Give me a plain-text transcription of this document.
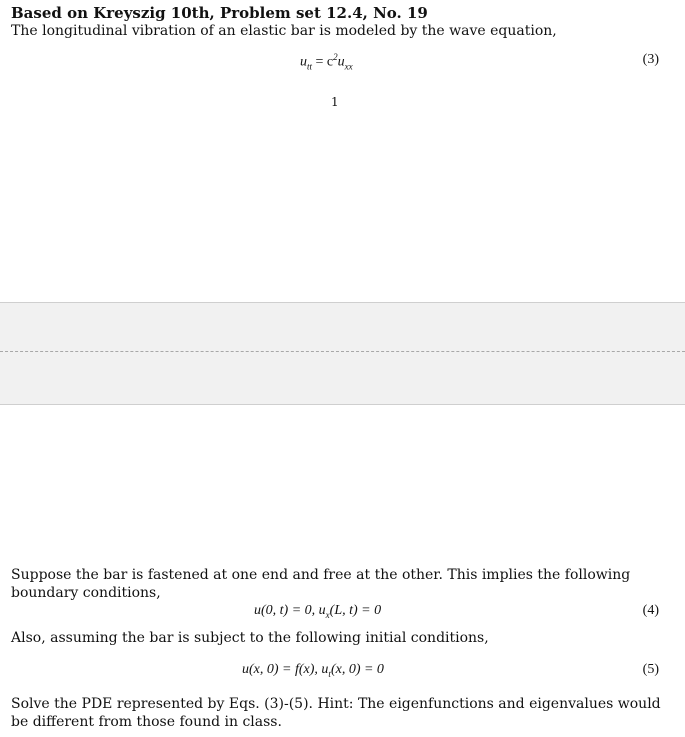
Based on Kreyszig 10th, Problem set 12.4, No. 19
The longitudinal vibration of an elastic bar is modeled by the wave equation,
$u_{tt} = c^2u_{xx}$	(3)
1
Suppose the bar is fastened at one end and free at the other. This implies the following boundary conditions,
u(0, t) = 0, $u_x(L$, t) = 0	(4)
Also, assuming the bar is subject to the following initial conditions,
u(x, 0) = f(x), $u_t(x$, 0) = 0	(5)
Solve the PDE represented by Eqs. (3)-(5). Hint: The eigenfunctions and eigenvalues would be different from those found in class.
